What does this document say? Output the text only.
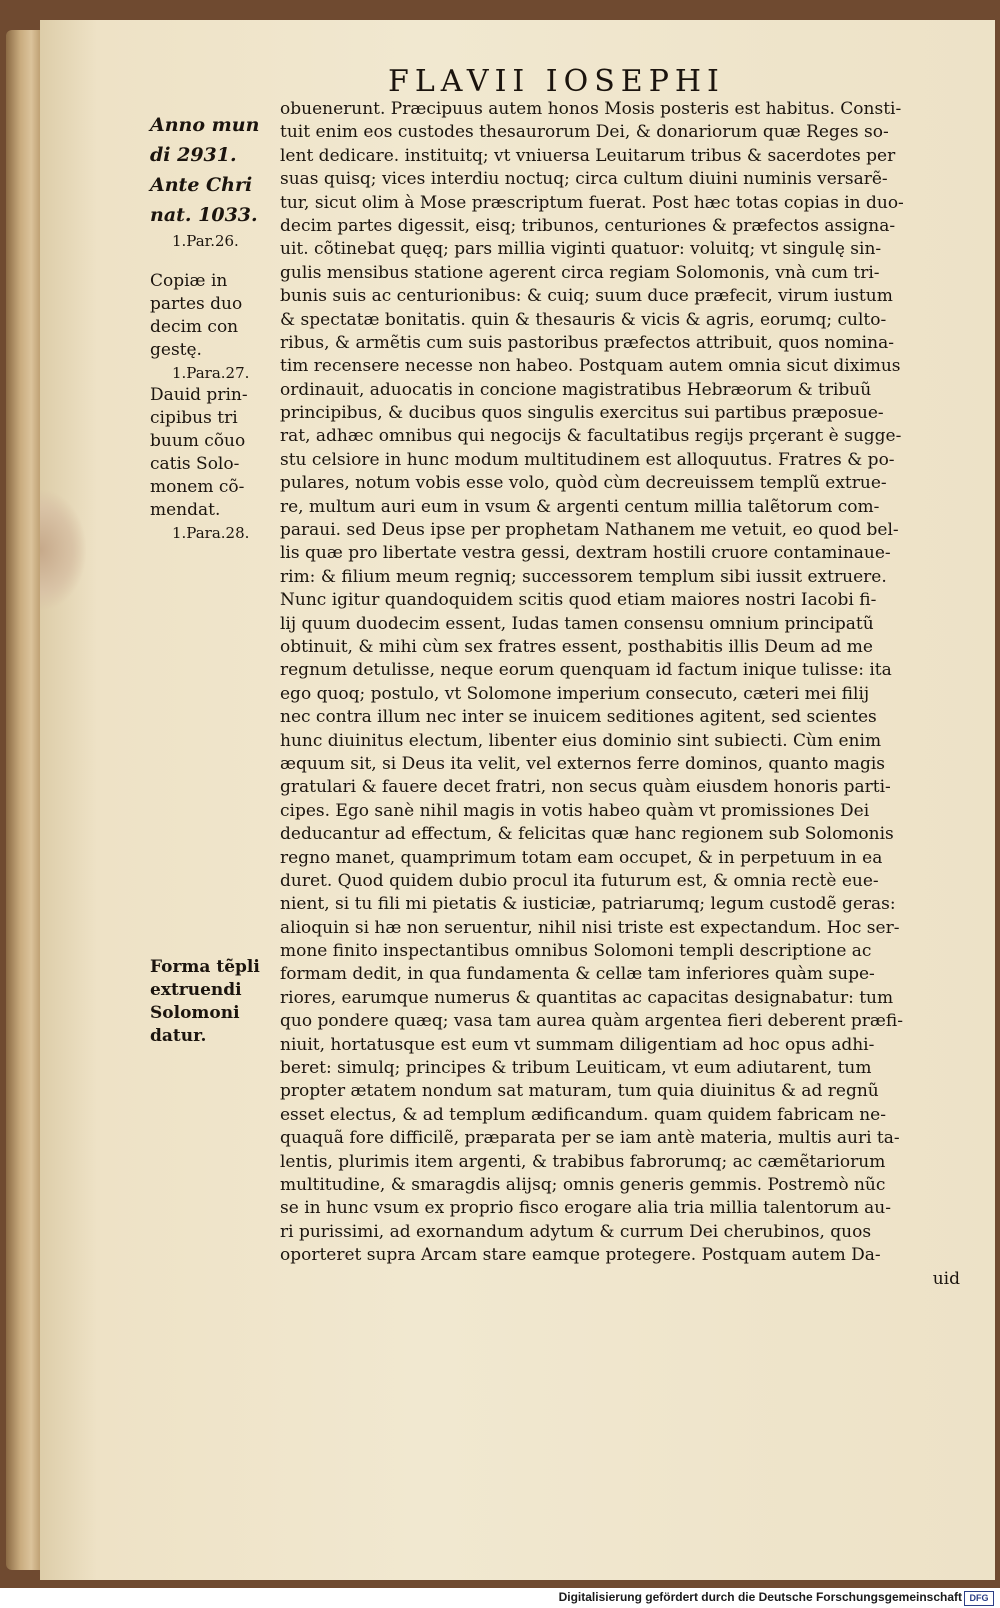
FLAVII IOSEPHI
Anno mun
di 2931.
Ante Chri
nat. 1033.
1.Par.26.
Copiæ in
partes duo
decim con
gestę.
1.Para.27.
Dauid prin-
cipibus tri
buum cõuo
catis Solo-
monem cõ-
mendat.
1.Para.28.
Forma tẽpli
extruendi
Solomoni
datur.
obuenerunt. Præcipuus autem honos Mosis posteris est habitus. Consti-
tuit enim eos custodes thesaurorum Dei, & donariorum quæ Reges so-
lent dedicare. instituitq; vt vniuersa Leuitarum tribus & sacerdotes per
suas quisq; vices interdiu noctuq; circa cultum diuini numinis versarẽ-
tur, sicut olim à Mose præscriptum fuerat. Post hæc totas copias in duo-
decim partes digessit, eisq; tribunos, centuriones & præfectos assigna-
uit. cõtinebat quęq; pars millia viginti quatuor: voluitq; vt singulę sin-
gulis mensibus statione agerent circa regiam Solomonis, vnà cum tri-
bunis suis ac centurionibus: & cuiq; suum duce præfecit, virum iustum
& spectatæ bonitatis. quin & thesauris & vicis & agris, eorumq; culto-
ribus, & armẽtis cum suis pastoribus præfectos attribuit, quos nomina-
tim recensere necesse non habeo. Postquam autem omnia sicut diximus
ordinauit, aduocatis in concione magistratibus Hebræorum & tribuũ
principibus, & ducibus quos singulis exercitus sui partibus præposue-
rat, adhæc omnibus qui negocijs & facultatibus regijs prçerant è sugge-
stu celsiore in hunc modum multitudinem est alloquutus. Fratres & po-
pulares, notum vobis esse volo, quòd cùm decreuissem templũ extrue-
re, multum auri eum in vsum & argenti centum millia talẽtorum com-
paraui. sed Deus ipse per prophetam Nathanem me vetuit, eo quod bel-
lis quæ pro libertate vestra gessi, dextram hostili cruore contaminaue-
rim: & filium meum regniq; successorem templum sibi iussit extruere.
Nunc igitur quandoquidem scitis quod etiam maiores nostri Iacobi fi-
lij quum duodecim essent, Iudas tamen consensu omnium principatũ
obtinuit, & mihi cùm sex fratres essent, posthabitis illis Deum ad me
regnum detulisse, neque eorum quenquam id factum inique tulisse: ita
ego quoq; postulo, vt Solomone imperium consecuto, cæteri mei filij
nec contra illum nec inter se inuicem seditiones agitent, sed scientes
hunc diuinitus electum, libenter eius dominio sint subiecti. Cùm enim
æquum sit, si Deus ita velit, vel externos ferre dominos, quanto magis
gratulari & fauere decet fratri, non secus quàm eiusdem honoris parti-
cipes. Ego sanè nihil magis in votis habeo quàm vt promissiones Dei
deducantur ad effectum, & felicitas quæ hanc regionem sub Solomonis
regno manet, quamprimum totam eam occupet, & in perpetuum in ea
duret. Quod quidem dubio procul ita futurum est, & omnia rectè eue-
nient, si tu fili mi pietatis & iusticiæ, patriarumq; legum custodẽ geras:
alioquin si hæ non seruentur, nihil nisi triste est expectandum. Hoc ser-
mone finito inspectantibus omnibus Solomoni templi descriptione ac
formam dedit, in qua fundamenta & cellæ tam inferiores quàm supe-
riores, earumque numerus & quantitas ac capacitas designabatur: tum
quo pondere quæq; vasa tam aurea quàm argentea fieri deberent præfi-
niuit, hortatusque est eum vt summam diligentiam ad hoc opus adhi-
beret: simulq; principes & tribum Leuiticam, vt eum adiutarent, tum
propter ætatem nondum sat maturam, tum quia diuinitus & ad regnũ
esset electus, & ad templum ædificandum. quam quidem fabricam ne-
quaquã fore difficilẽ, præparata per se iam antè materia, multis auri ta-
lentis, plurimis item argenti, & trabibus fabrorumq; ac cæmẽtariorum
multitudine, & smaragdis alijsq; omnis generis gemmis. Postremò nũc
se in hunc vsum ex proprio fisco erogare alia tria millia talentorum au-
ri purissimi, ad exornandum adytum & currum Dei cherubinos, quos
oporteret supra Arcam stare eamque protegere. Postquam autem Da-
uid
Digitalisierung gefördert durch die Deutsche Forschungsgemeinschaft DFG
